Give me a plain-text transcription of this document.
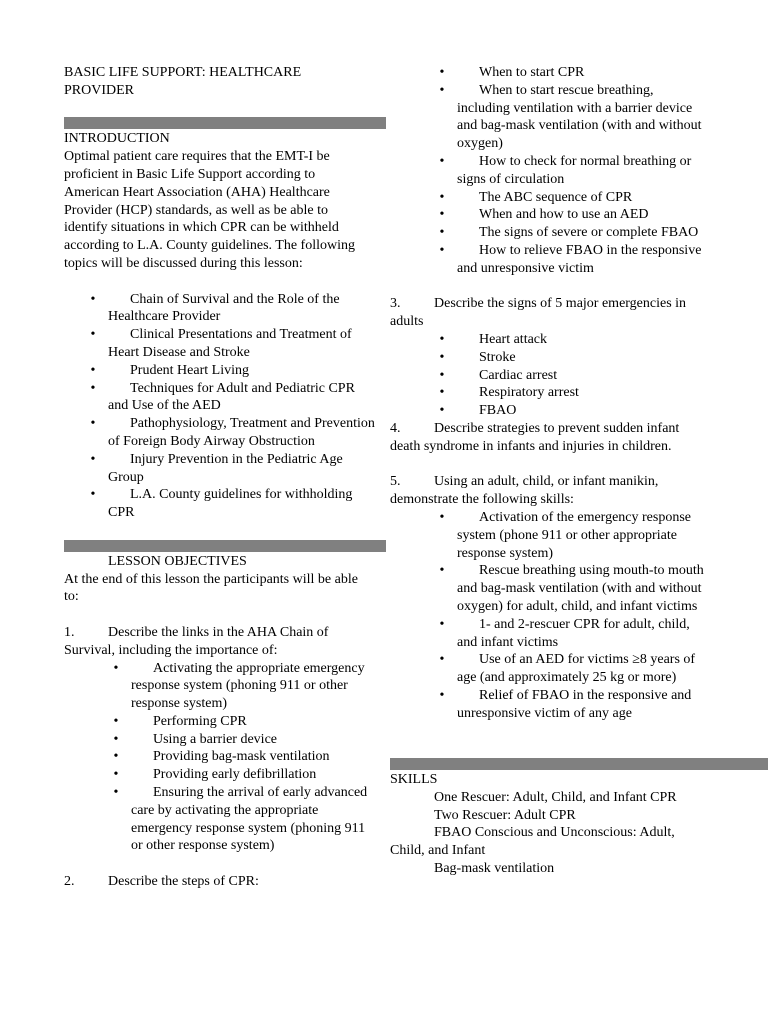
BASIC LIFE SUPPORT: HEALTHCARE PROVIDER

INTRODUCTION

Optimal patient care requires that the EMT-I be proficient in Basic Life Support according to American Heart Association (AHA) Healthcare Provider (HCP) standards, as well as be able to identify situations in which CPR can be withheld according to L.A. County guidelines. The following topics will be discussed during this lesson:

•	Chain of Survival and the Role of the Healthcare Provider
•	Clinical Presentations and Treatment of Heart Disease and Stroke
•	Prudent Heart Living
•	Techniques for Adult and Pediatric CPR and Use of the AED
•	Pathophysiology, Treatment and Prevention of Foreign Body Airway Obstruction
•	Injury Prevention in the Pediatric Age Group
•	L.A. County guidelines for withholding CPR

LESSON OBJECTIVES

At the end of this lesson the participants will be able to:

1. Describe the links in the AHA Chain of Survival, including the importance of:

•	Activating the appropriate emergency response system (phoning 911 or other response system)
•	Performing CPR
•	Using a barrier device
•	Providing bag-mask ventilation
•	Providing early defibrillation
•	Ensuring the arrival of early advanced care by activating the appropriate emergency response system (phoning 911 or other response system)

2. Describe the steps of CPR:

•	When to start CPR
•	When to start rescue breathing, including ventilation with a barrier device and bag-mask ventilation (with and without oxygen)
•	How to check for normal breathing or signs of circulation
•	The ABC sequence of CPR
•	When and how to use an AED
•	The signs of severe or complete FBAO
•	How to relieve FBAO in the responsive and unresponsive victim

3. Describe the signs of 5 major emergencies in adults

•	Heart attack
•	Stroke
•	Cardiac arrest
•	Respiratory arrest
•	FBAO

4. Describe strategies to prevent sudden infant death syndrome in infants and injuries in children.

5. Using an adult, child, or infant manikin, demonstrate the following skills:

•	Activation of the emergency response system (phone 911 or other appropriate response system)
•	Rescue breathing using mouth-to mouth and bag-mask ventilation (with and without oxygen) for adult, child, and infant victims
•	1- and 2-rescuer CPR for adult, child, and infant victims
•	Use of an AED for victims ≥8 years of age (and approximately 25 kg or more)
•	Relief of FBAO in the responsive and unresponsive victim of any age

SKILLS

One Rescuer: Adult, Child, and Infant CPR

Two Rescuer: Adult CPR

FBAO Conscious and Unconscious: Adult, Child, and Infant

Bag-mask ventilation
